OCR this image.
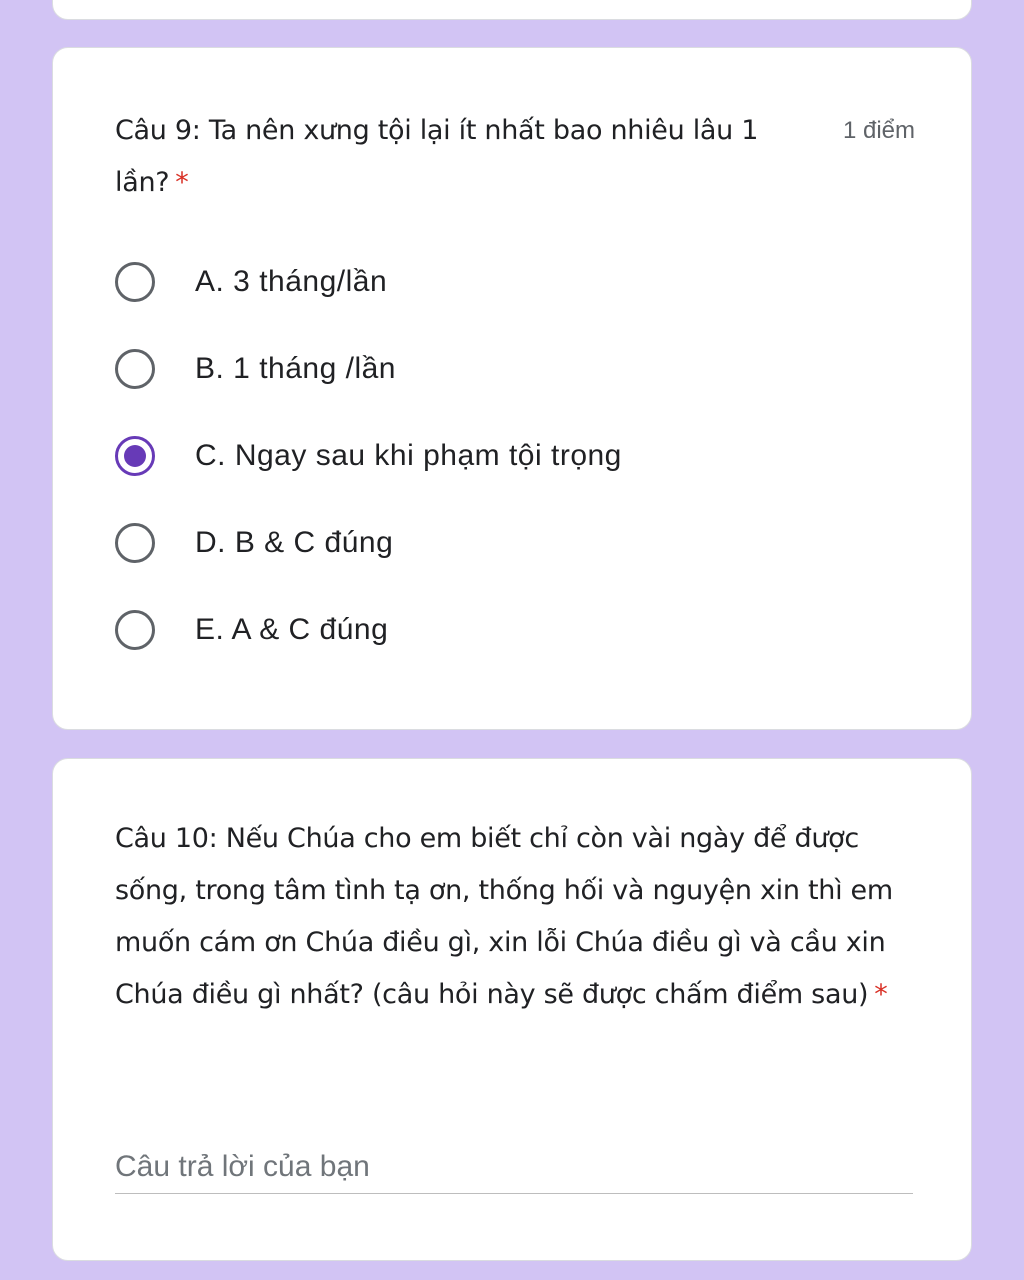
Câu 9: Ta nên xưng tội lại ít nhất bao nhiêu lâu 1 lần? *
1 điểm
A. 3 tháng/lần
B. 1 tháng /lần
C. Ngay sau khi phạm tội trọng
D. B & C đúng
E. A & C đúng
Câu 10: Nếu Chúa cho em biết chỉ còn vài ngày để được sống, trong tâm tình tạ ơn, thống hối và nguyện xin thì em muốn cám ơn Chúa điều gì, xin lỗi Chúa điều gì và cầu xin Chúa điều gì nhất? (câu hỏi này sẽ được chấm điểm sau) *
Câu trả lời của bạn
